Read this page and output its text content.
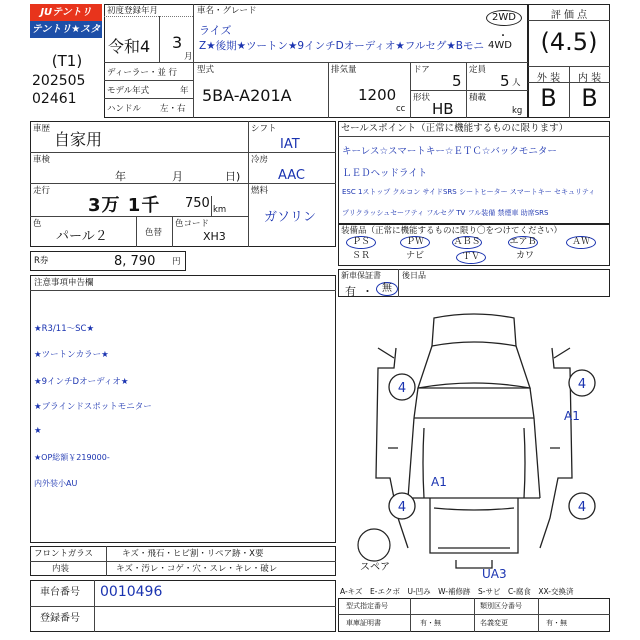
JUテントリ
テントリ★スター
(T1)
202505
02461
初度登録年月
令和4 3
月
車名・グレード
ライズ
Z★後期★ツートン★9インチDオーディオ★フルセグ★Bモニ
2WD
・
4WD
ディーラー・並 行
モデル年式	年
ハンドル 左・右
型式
5BA-A201A
排気量
1200
cc
ドア
5
定員
5 人
形状
HB
積載
kg
評 価 点
(4.5)
外 装	内 装
B	B
車歴
自家用
車検
年	月	日)
走行
3万 1千 750 km
色
パール２	色替
色コード
XH3
シフト
IAT
冷房
AAC
燃料
ガソリン
R券	8, 790 円
注意事項申告欄
★R3/11～SC★
★ツートンカラー★
★9インチDオーディオ★
★ブラインドスポットモニター
★
★OP総額￥219000-
内外装小AU
フロントガラス	キズ・飛石・ヒビ割・リペア跡・X要
内装	キズ・汚レ・コゲ・穴・スレ・キレ・破レ
車台番号 0010496
登録番号
セールスポイント（正常に機能するものに限ります）
キーレス☆スマートキー☆ＥＴＣ☆バックモニター
ＬＥＤヘッドライト
ESC 1ストップ クルコン サイドSRS シートヒーター スマートキー セキュリティ
プリクラッシュセーフティ フルセグ TV フル装備 禁煙車 助席SRS
装備品（正常に機能するものに限り〇をつけてください）
ＰＳ	ＰＷ	ＡＢＳ	エアＢ	ＡＷ
ＳＲ	ナビ	ＴＶ	カワ
新車保証書	後日品
有 ・ 無
4	4
4	4
A1
A1
UA3
スペア
A-キズ　E-エクボ　U-凹み　W-補修跡　S-サビ　C-腐食　XX-交換済
型式指定番号	類別区分番号
車庫証明書	有・無	名義変更	有・無
